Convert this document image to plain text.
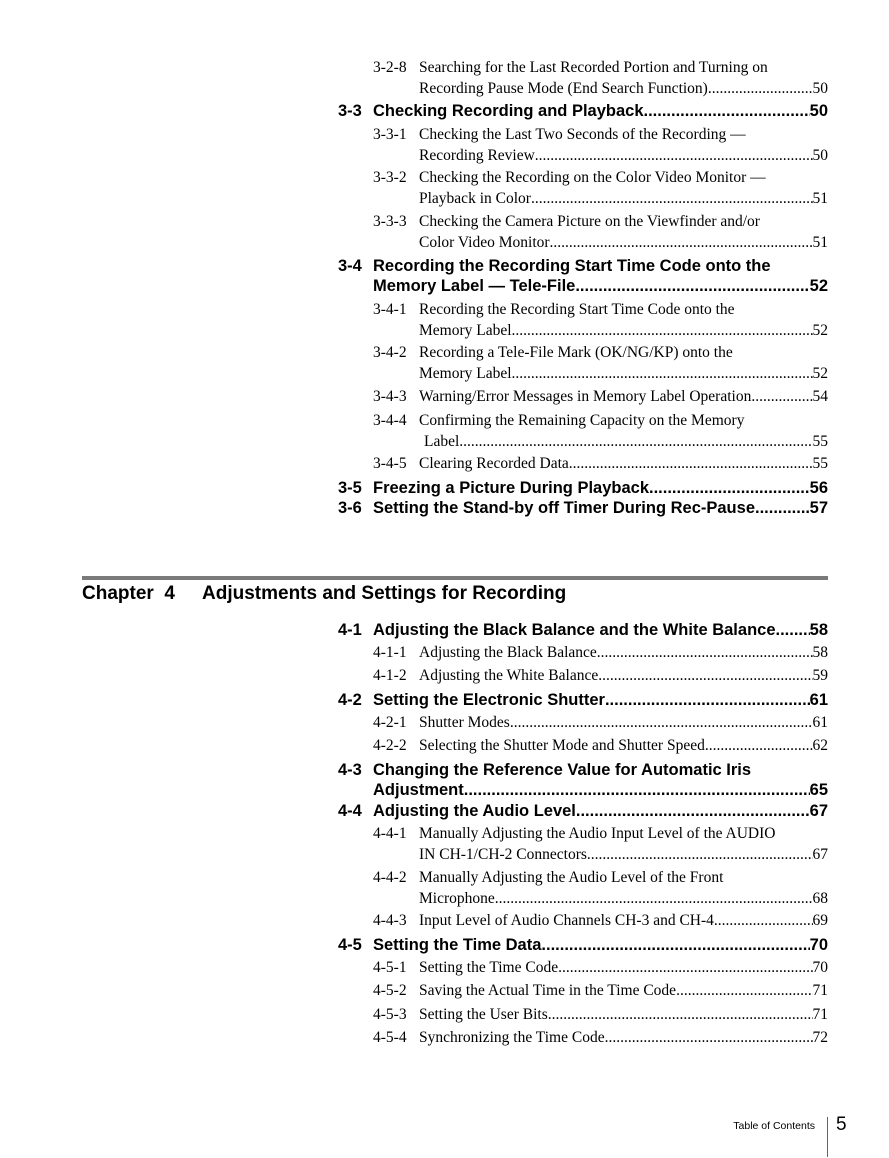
3-2-8 Searching for the Last Recorded Portion and Turning on
Recording Pause Mode (End Search Function) .....	50
3-3 Checking Recording and Playback .....	50
3-3-1 Checking the Last Two Seconds of the Recording —
Recording Review .....	50
3-3-2 Checking the Recording on the Color Video Monitor —
Playback in Color .....	51
3-3-3 Checking the Camera Picture on the Viewfinder and/or
Color Video Monitor .....	51
3-4 Recording the Recording Start Time Code onto the
Memory Label — Tele-File .....	52
3-4-1 Recording the Recording Start Time Code onto the
Memory Label .....	52
3-4-2 Recording a Tele-File Mark (OK/NG/KP) onto the
Memory Label .....	52
3-4-3 Warning/Error Messages in Memory Label Operation .....	54
3-4-4 Confirming the Remaining Capacity on the Memory
Label .....	55
3-4-5 Clearing Recorded Data .....	55
3-5 Freezing a Picture During Playback .....	56
3-6 Setting the Stand-by off Timer During Rec-Pause .....	57
Chapter  4 Adjustments and Settings for Recording
4-1 Adjusting the Black Balance and the White Balance ..... 58
4-1-1 Adjusting the Black Balance .....	58
4-1-2 Adjusting the White Balance .....	59
4-2 Setting the Electronic Shutter .....	61
4-2-1 Shutter Modes .....	61
4-2-2 Selecting the Shutter Mode and Shutter Speed .....	62
4-3 Changing the Reference Value for Automatic Iris
Adjustment .....	65
4-4 Adjusting the Audio Level .....	67
4-4-1 Manually Adjusting the Audio Input Level of the AUDIO
IN CH-1/CH-2 Connectors .....	67
4-4-2 Manually Adjusting the Audio Level of the Front
Microphone .....	68
4-4-3 Input Level of Audio Channels CH-3 and CH-4 .....	69
4-5 Setting the Time Data .....	70
4-5-1 Setting the Time Code .....	70
4-5-2 Saving the Actual Time in the Time Code .....	71
4-5-3 Setting the User Bits .....	71
4-5-4 Synchronizing the Time Code .....	72
Table of Contents 5
